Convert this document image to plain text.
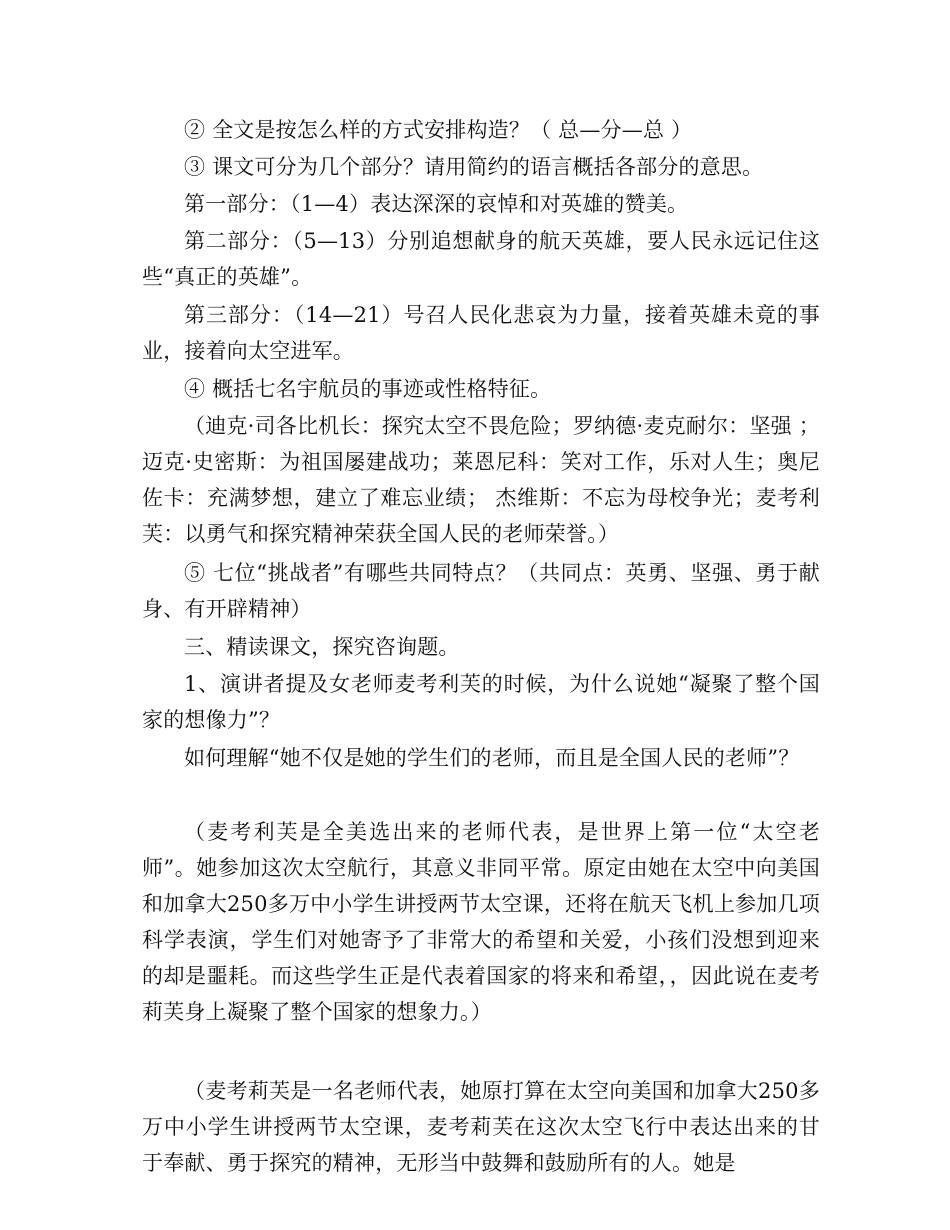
② 全文是按怎么样的方式安排构造？（ 总—分—总 ）

③ 课文可分为几个部分？请用简约的语言概括各部分的意思。

第一部分：（1—4）表达深深的哀悼和对英雄的赞美。

第二部分：（5—13）分别追想献身的航天英雄，要人民永远记住这些“真正的英雄”。

第三部分：（14—21）号召人民化悲哀为力量，接着英雄未竟的事业，接着向太空进军。

④ 概括七名宇航员的事迹或性格特征。

（迪克·司各比机长：探究太空不畏危险；罗纳德·麦克耐尔：坚强 ；迈克·史密斯：为祖国屡建战功；莱恩尼科：笑对工作，乐对人生；奥尼佐卡：充满梦想，建立了难忘业绩； 杰维斯：不忘为母校争光；麦考利芙：以勇气和探究精神荣获全国人民的老师荣誉。）

⑤ 七位“挑战者”有哪些共同特点？（共同点：英勇、坚强、勇于献身、有开辟精神）

三、精读课文，探究咨询题。

1、演讲者提及女老师麦考利芙的时候，为什么说她“凝聚了整个国家的想像力”？

如何理解“她不仅是她的学生们的老师，而且是全国人民的老师”？

（麦考利芙是全美选出来的老师代表，是世界上第一位“太空老师”。她参加这次太空航行，其意义非同平常。原定由她在太空中向美国和加拿大250多万中小学生讲授两节太空课，还将在航天飞机上参加几项科学表演，学生们对她寄予了非常大的希望和关爱，小孩们没想到迎来的却是噩耗。而这些学生正是代表着国家的将来和希望，，因此说在麦考莉芙身上凝聚了整个国家的想象力。）

（麦考莉芙是一名老师代表，她原打算在太空向美国和加拿大250多万中小学生讲授两节太空课，麦考莉芙在这次太空飞行中表达出来的甘于奉献、勇于探究的精神，无形当中鼓舞和鼓励所有的人。她是
